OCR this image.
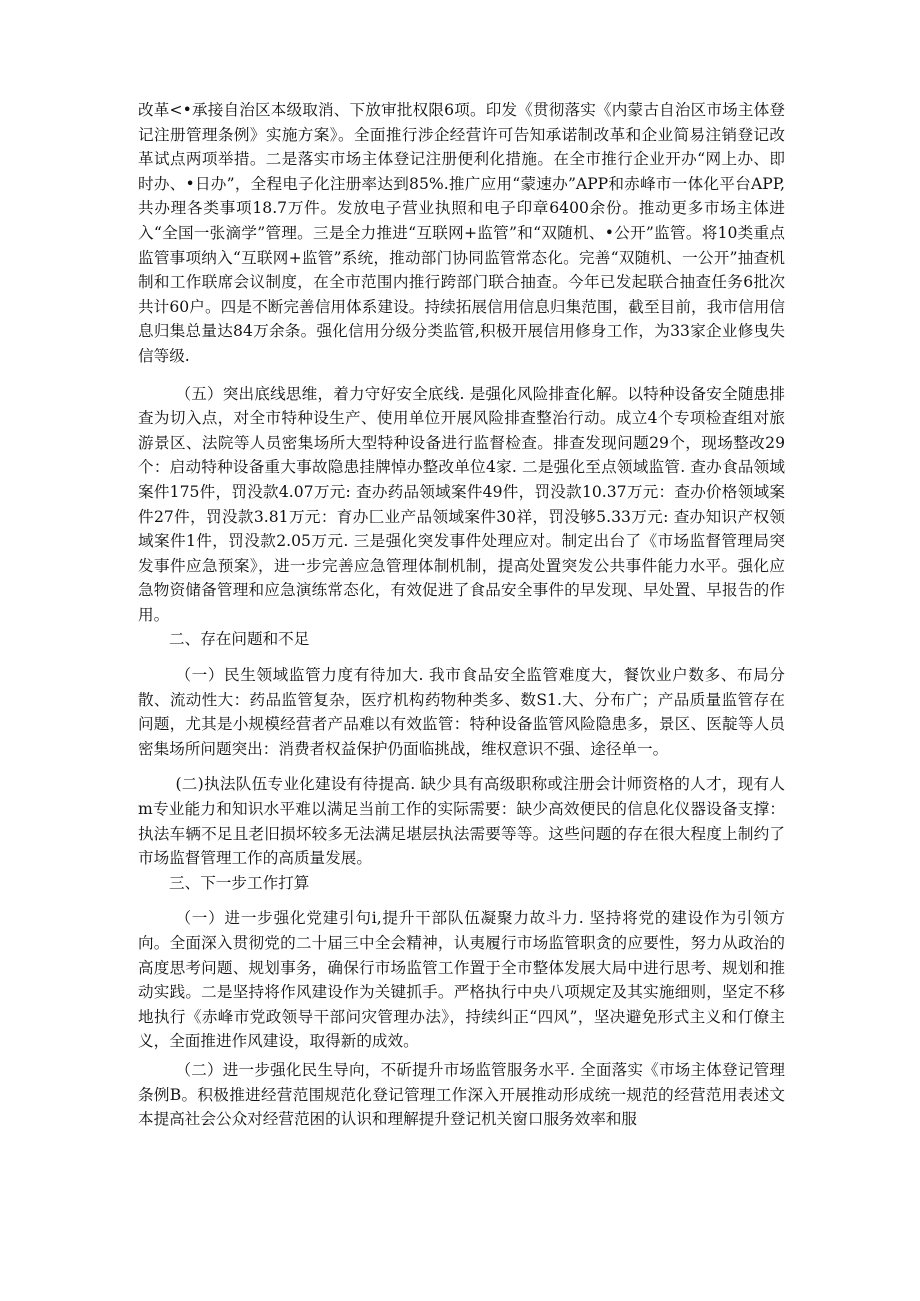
改革<•承接自治区本级取消、下放审批权限6项。印发《贯彻落实《内蒙古自治区市场主体登记注册管理条例》实施方案》。全面推行涉企经营许可告知承诺制改革和企业简易注销登记改革试点两项举措。二是落实市场主体登记注册便利化措施。在全市推行企业开办“网上办、即时办、•日办”，全程电子化注册率达到85%.推广应用“蒙速办”APP和赤峰市一体化平台APP,共办理各类事项18.7万件。发放电子营业执照和电子印章6400余份。推动更多市场主体进入“全国一张滴学”管理。三是全力推进“互联网+监管”和“双随机、•公开”监管。将10类重点监管事项纳入“互联网+监管”系统，推动部门协同监管常态化。完善“双随机、一公开”抽查机制和工作联席会议制度，在全市范围内推行跨部门联合抽查。今年已发起联合抽查任务6批次共计60户。四是不断完善信用体系建设。持续拓展信用信息归集范围，截至目前，我市信用信息归集总量达84万余条。强化信用分级分类监管,积极开展信用修身工作，为33家企业修曳失信等级.

（五）突出底线思维，着力守好安全底线. 是强化风险排査化解。以特种设备安全随患排查为切入点，对全市特种设生产、使用单位开展风险排查整治行动。成立4个专项检査组对旅游景区、法院等人员密集场所大型特种设备进行监督检查。排查发现问题29个，现场整改29个：启动特种设备重大事故隐患挂牌悼办整改单位4家. 二是强化至点领域监管. 查办食品领域案件175件，罚没款4.07万元: 査办药品领域案件49件，罚没款10.37万元：查办价格领域案件27件，罚没款3.81万元：育办匚业产品领域案件30祥，罚没够5.33万元: 查办知识产权领域案件1件，罚没款2.05万元. 三是强化突发事件处理应对。制定出台了《市场监督管理局突发事件应急预案》，进一步完善应急管理体制机制，提高处置突发公共事件能力水平。强化应急物资储备管理和应急演练常态化，有效促进了食品安全事件的早发现、早处置、早报告的作用。

二、存在问题和不足

（一）民生领域监管力度有待加大. 我市食品安全监管难度大，餐饮业户数多、布局分散、流动性大：药品监管复杂，医疗机构药物种类多、数S1.大、分布广；产品质量监管存在问题，尤其是小规模经营者产品难以有效监管：特种设备监管风险隐患多，景区、医靛等人员密集场所问题突出：消费者权益保护仍面临挑战，维权意识不强、途径单一。

(二)执法队伍专业化建设有待提高. 缺少具有高级职称或注册会计师资格的人才，现有人m专业能力和知识水平难以满足当前工作的实际需要：缺少高效便民的信息化仪器设备支撑：执法车辆不足且老旧损坏较多无法满足堪层执法需要等等。这些问题的存在很大程度上制约了市场监督管理工作的高质量发展。

三、下一步工作打算

（一）进一步强化党建引句i,提升干部队伍凝聚力故斗力. 坚持将党的建设作为引领方向。全面深入贯彻党的二十届三中全会精神，认夷履行市场监管职贪的应要性，努力从政治的高度思考问题、规划事务，确保行市场监管工作置于全市整体发展大局中进行思考、规划和推动实践。二是坚持将作风建设作为关键抓手。严格执行中央八项规定及其实施细则，坚定不移地执行《赤峰市党政领导干部问灾管理办法》，持续纠正“四风”，坚决避免形式主义和仃僚主义，全面推进作风建设，取得新的成效。

（二）进一步强化民生导向，不斫提升市场监管服务水平. 全面落实《市场主体登记管理条例B。积极推进经营范围规范化登记管理工作深入开展推动形成统一规范的经营范用表述文本提高社会公众对经营范困的认识和理解提升登记机关窗口服务效率和服
